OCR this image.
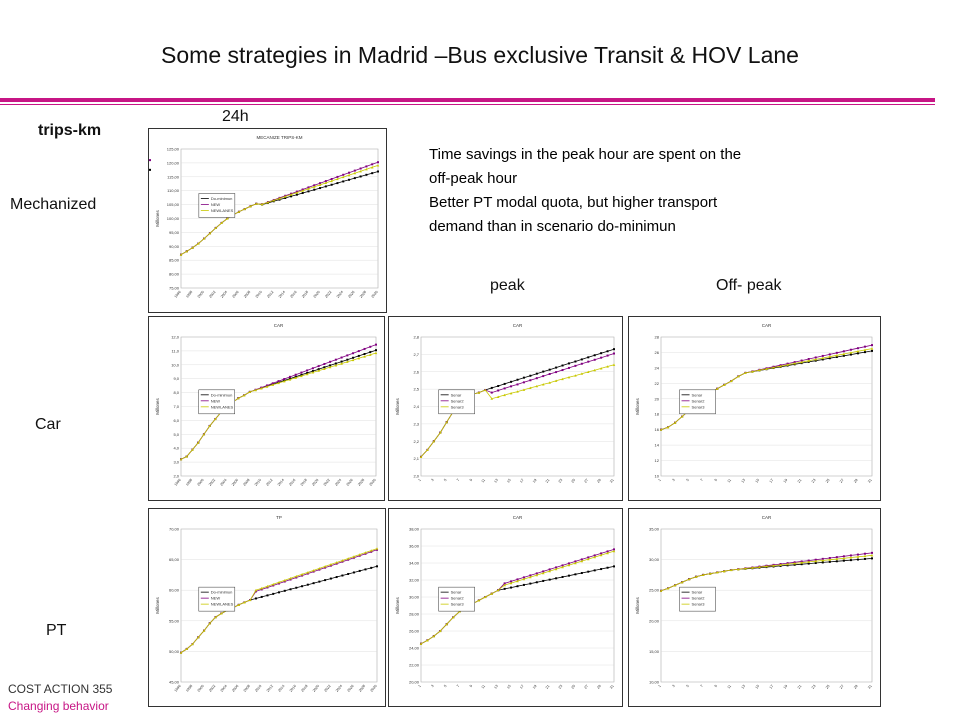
Some strategies in Madrid –Bus exclusive Transit & HOV Lane
trips-km
24h
peak	Off- peak
Mechanized
Car
PT
Time savings in the peak hour are spent on the
off-peak hour
Better PT modal quota, but higher transport
demand than in scenario do-minimun
MECANIZE TRIPS-KM
Millones
75,00
80,00
85,00
90,00
95,00
100,00
105,00
110,00
115,00
120,00
125,00
1996 1998 2000 2002 2004 2006 2008 2010 2012 2014 2016 2018 2020 2022 2024 2026 2028 2030
Do-minimun
NEW
NEWLANES
CAR
Millones
2,0
3,0
4,0
5,0
6,0
7,0
8,0
9,0
10,0
11,0
12,0
1996 1998 2000 2002 2004 2006 2008 2010 2012 2014 2016 2018 2020 2022 2024 2026 2028 2030
Do-minimun
NEW
NEWLANES
CAR
Millones
2,0
2,1
2,2
2,3
2,4
2,5
2,6
2,7
2,8
1 3 5 7 9 11 13 15 17 19 21 23 25 27 29 31
Senar
Senar2
Senar3
CAR
Millones
10
12
14
16
18
20
22
24
26
28
1	3	5	7	9 11 13 15 17 19 21 23 25 27 29 31
Senar
Senar2
Senar3
TP
Millones
45,00
50,00
55,00
60,00
65,00
70,00
1996 1998 2000 2002 2004 2006 2008 2010 2012 2014 2016 2018 2020 2022 2024 2026 2028 2030
Do-minimun
NEW
NEWLANES
CAR
Millones
20,00
22,00
24,00
26,00
28,00
30,00
32,00
34,00
36,00
38,00
1 3 5 7 9 11 13 15 17 19 21 23 25 27 29 31
Senar
Senar2
Senar3
CAR
Millones
10,00
15,00
20,00
25,00
30,00
35,00
1	3	5	7	9 11 13 15 17 19 21 23 25 27 29 31
Senar
Senar2
Senar3
COST ACTION 355
Changing behavior
